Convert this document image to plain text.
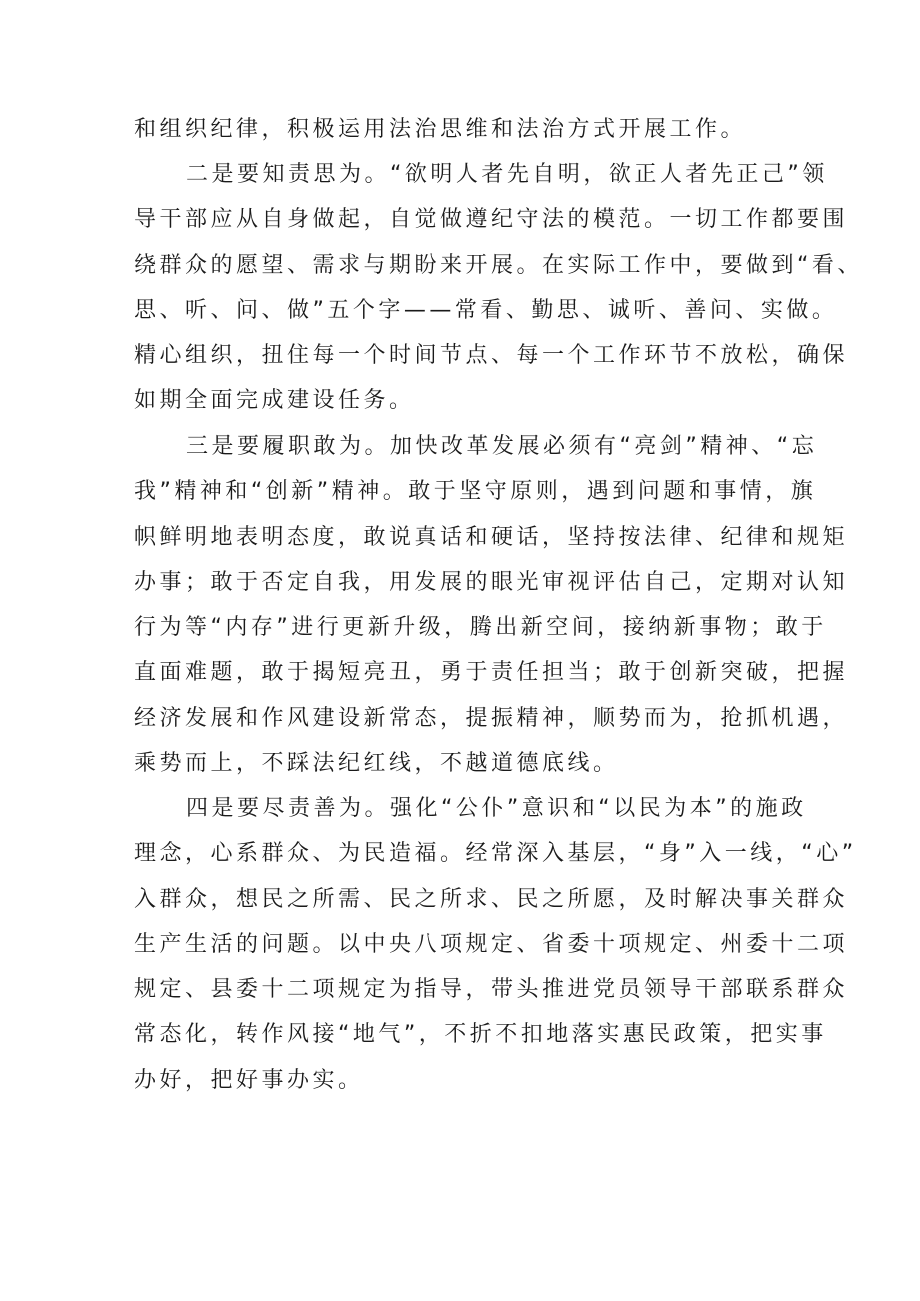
和组织纪律，积极运用法治思维和法治方式开展工作。
二是要知责思为。“欲明人者先自明，欲正人者先正己”领
导干部应从自身做起，自觉做遵纪守法的模范。一切工作都要围
绕群众的愿望、需求与期盼来开展。在实际工作中，要做到“看、
思、听、问、做”五个字——常看、勤思、诚听、善问、实做。
精心组织，扭住每一个时间节点、每一个工作环节不放松，确保
如期全面完成建设任务。
三是要履职敢为。加快改革发展必须有“亮剑”精神、“忘
我”精神和“创新”精神。敢于坚守原则，遇到问题和事情，旗
帜鲜明地表明态度，敢说真话和硬话，坚持按法律、纪律和规矩
办事；敢于否定自我，用发展的眼光审视评估自己，定期对认知
行为等“内存”进行更新升级，腾出新空间，接纳新事物；敢于
直面难题，敢于揭短亮丑，勇于责任担当；敢于创新突破，把握
经济发展和作风建设新常态，提振精神，顺势而为，抢抓机遇，
乘势而上，不踩法纪红线，不越道德底线。
四是要尽责善为。强化“公仆”意识和“以民为本”的施政
理念，心系群众、为民造福。经常深入基层，“身”入一线，“心”
入群众，想民之所需、民之所求、民之所愿，及时解决事关群众
生产生活的问题。以中央八项规定、省委十项规定、州委十二项
规定、县委十二项规定为指导，带头推进党员领导干部联系群众
常态化，转作风接“地气”，不折不扣地落实惠民政策，把实事
办好，把好事办实。
